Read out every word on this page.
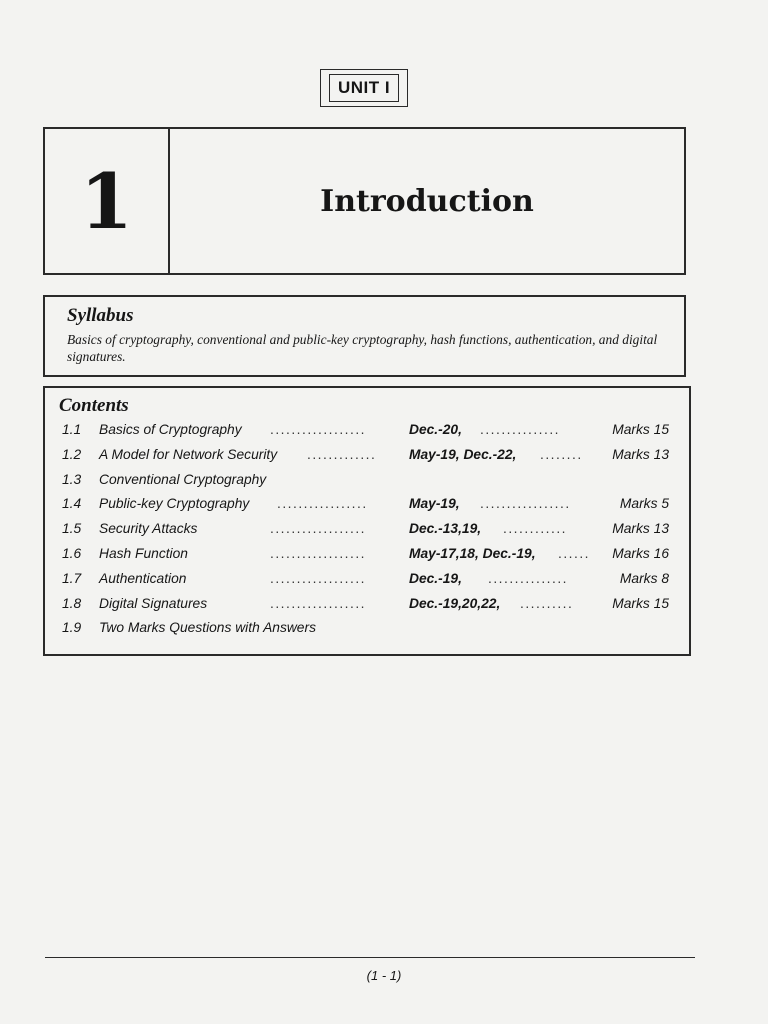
UNIT I
1	Introduction
Syllabus
Basics of cryptography, conventional and public-key cryptography, hash functions, authentication, and digital signatures.
Contents
1.1 Basics of Cryptography ..................	Dec.-20, ...............	Marks 15
1.2 A Model for Network Security ............. May-19, Dec.-22, ........ Marks 13
1.3 Conventional Cryptography
1.4 Public-key Cryptography .................	May-19, .................	Marks 5
1.5 Security Attacks	..................	Dec.-13,19, ............	Marks 13
1.6 Hash Function	..................	May-17,18, Dec.-19, ...... Marks 16
1.7 Authentication	..................	Dec.-19, ...............	Marks 8
1.8 Digital Signatures	..................	Dec.-19,20,22, ..........	Marks 15
1.9 Two Marks Questions with Answers
(1 - 1)
